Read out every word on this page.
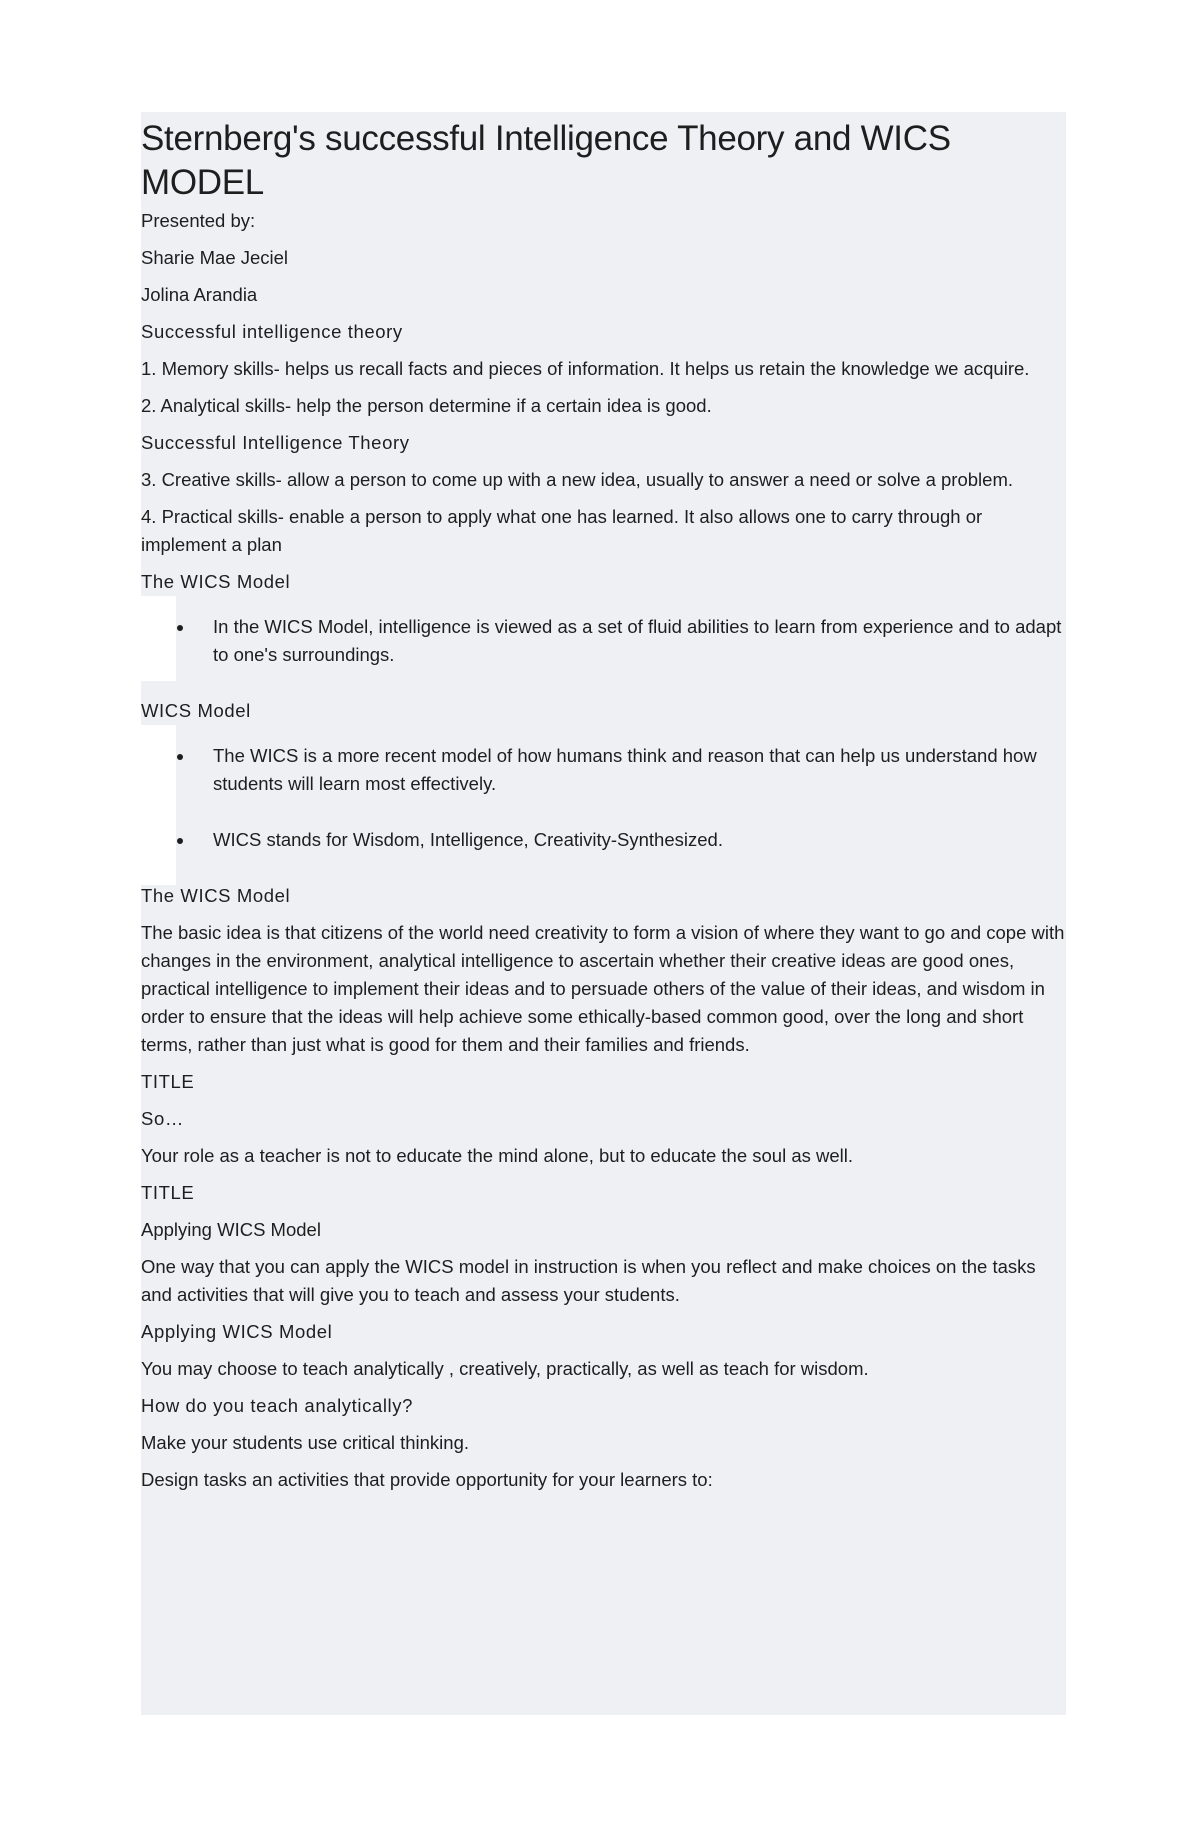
Sternberg's successful Intelligence Theory and WICS MODEL

Presented by:

Sharie Mae Jeciel

Jolina Arandia

Successful intelligence theory

1. Memory skills- helps us recall facts and pieces of information. It helps us retain the knowledge we acquire.

2. Analytical skills- help the person determine if a certain idea is good.

Successful Intelligence Theory

3. Creative skills- allow a person to come up with a new idea, usually to answer a need or solve a problem.

4. Practical skills- enable a person to apply what one has learned. It also allows one to carry through or implement a plan

The WICS Model

In the WICS Model, intelligence is viewed as a set of fluid abilities to learn from experience and to adapt to one's surroundings.

WICS Model

The WICS is a more recent model of how humans think and reason that can help us understand how students will learn most effectively.
WICS stands for Wisdom, Intelligence, Creativity-Synthesized.

The WICS Model

The basic idea is that citizens of the world need creativity to form a vision of where they want to go and cope with changes in the environment, analytical intelligence to ascertain whether their creative ideas are good ones, practical intelligence to implement their ideas and to persuade others of the value of their ideas, and wisdom in order to ensure that the ideas will help achieve some ethically-based common good, over the long and short terms, rather than just what is good for them and their families and friends.

TITLE

So…

Your role as a teacher is not to educate the mind alone, but to educate the soul as well.

TITLE

Applying WICS Model

One way that you can apply the WICS model in instruction is when you reflect and make choices on the tasks and activities that will give you to teach and assess your students.

Applying WICS Model

You may choose to teach analytically , creatively, practically, as well as teach for wisdom.

How do you teach analytically?

Make your students use critical thinking.

Design tasks an activities that provide opportunity for your learners to:
